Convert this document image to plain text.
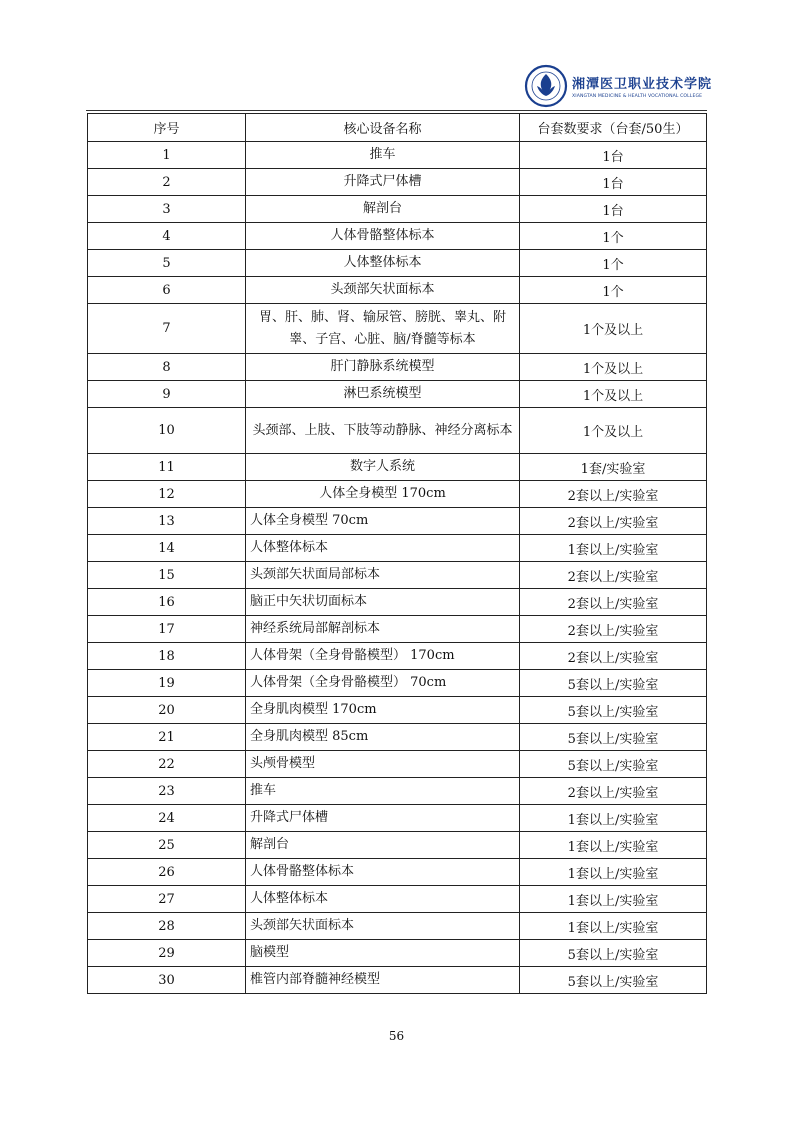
湘潭医卫职业技术学院
XIANGTAN MEDICINE & HEALTH VOCATIONAL COLLEGE
序号	核心设备名称	台套数要求（台套/50生）
1	推车	1台
2	升降式尸体槽	1台
3	解剖台	1台
4	人体骨骼整体标本	1个
5	人体整体标本	1个
6	头颈部矢状面标本	1个
7	胃、肝、肺、肾、输尿管、膀胱、睾丸、附睾、子宫、心脏、脑/脊髓等标本	1个及以上
8	肝门静脉系统模型	1个及以上
9	淋巴系统模型	1个及以上
10	头颈部、上肢、下肢等动静脉、神经分离标本	1个及以上
11	数字人系统	1套/实验室
12	人体全身模型 170cm	2套以上/实验室
13	人体全身模型 70cm	2套以上/实验室
14	人体整体标本	1套以上/实验室
15	头颈部矢状面局部标本	2套以上/实验室
16	脑正中矢状切面标本	2套以上/实验室
17	神经系统局部解剖标本	2套以上/实验室
18	人体骨架（全身骨骼模型） 170cm	2套以上/实验室
19	人体骨架（全身骨骼模型） 70cm	5套以上/实验室
20	全身肌肉模型 170cm	5套以上/实验室
21	全身肌肉模型 85cm	5套以上/实验室
22	头颅骨模型	5套以上/实验室
23	推车	2套以上/实验室
24	升降式尸体槽	1套以上/实验室
25	解剖台	1套以上/实验室
26	人体骨骼整体标本	1套以上/实验室
27	人体整体标本	1套以上/实验室
28	头颈部矢状面标本	1套以上/实验室
29	脑模型	5套以上/实验室
30	椎管内部脊髓神经模型	5套以上/实验室
56
